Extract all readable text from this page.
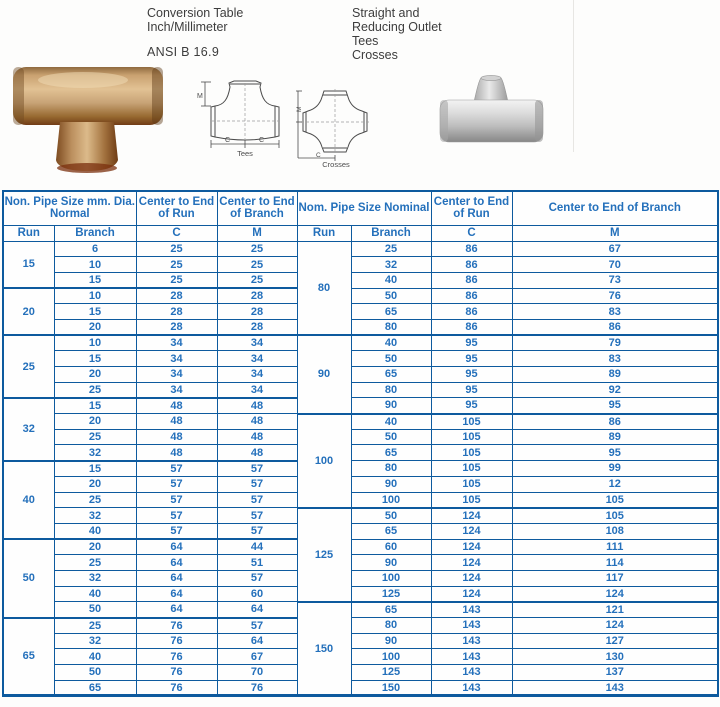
Conversion Table
Inch/Millimeter
ANSI B 16.9
Straight and
Reducing Outlet
Tees
Crosses
M
C	C
Tees
M
C
Crosses
Non. Pipe Size mm. Dia.
Normal		Center to End
of Run	Center to End
of Branch	Nom. Pipe Size Nominal		Center to End
of Run	Center to End of Branch
Run	Branch	C	M	Run	Branch	C	M
15	6	25	25	80	25	86	67
	10	25	25		32	86	70
	15	25	25		40	86	73
20	10	28	28		50	86	76
	15	28	28		65	86	83
	20	28	28		80	86	86
25	10	34	34	90	40	95	79
	15	34	34		50	95	83
	20	34	34		65	95	89
	25	34	34		80	95	92
32	15	48	48		90	95	95
	20	48	48	100	40	105	86
	25	48	48		50	105	89
	32	48	48		65	105	95
40	15	57	57		80	105	99
	20	57	57		90	105	12
	25	57	57		100	105	105
	32	57	57	125	50	124	105
	40	57	57		65	124	108
50	20	64	44		60	124	111
	25	64	51		90	124	114
	32	64	57		100	124	117
	40	64	60		125	124	124
	50	64	64	150	65	143	121
65	25	76	57		80	143	124
	32	76	64		90	143	127
	40	76	67		100	143	130
	50	76	70		125	143	137
	65	76	76		150	143	143
